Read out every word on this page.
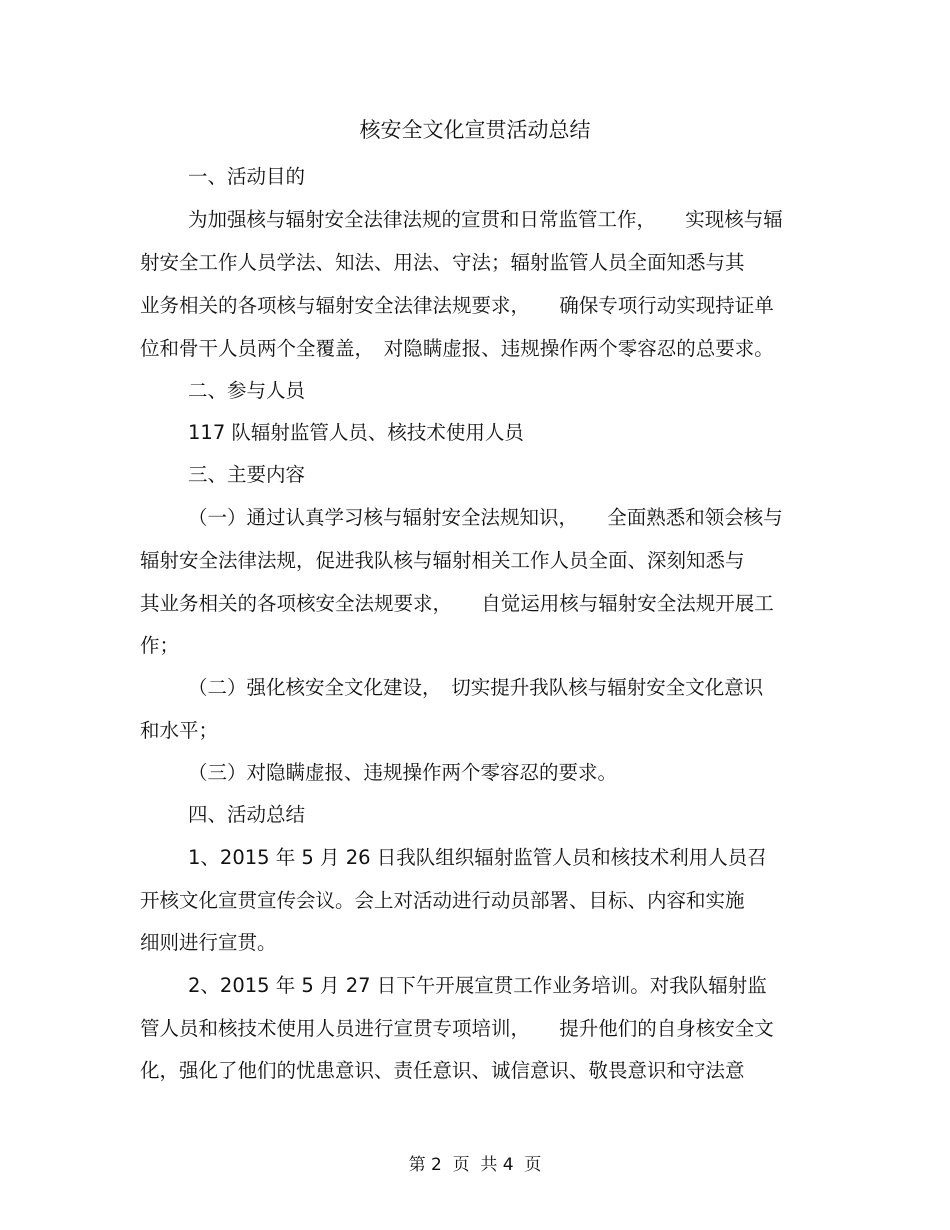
核安全文化宣贯活动总结
一、活动目的
为加强核与辐射安全法律法规的宣贯和日常监管工作，　　实现核与辐
射安全工作人员学法、知法、用法、守法；辐射监管人员全面知悉与其
业务相关的各项核与辐射安全法律法规要求，　　确保专项行动实现持证单
位和骨干人员两个全覆盖，　对隐瞒虚报、违规操作两个零容忍的总要求。
二、参与人员
117 队辐射监管人员、核技术使用人员
三、主要内容
（一）通过认真学习核与辐射安全法规知识，　　全面熟悉和领会核与
辐射安全法律法规，促进我队核与辐射相关工作人员全面、深刻知悉与
其业务相关的各项核安全法规要求，　　自觉运用核与辐射安全法规开展工
作；
（二）强化核安全文化建设，　切实提升我队核与辐射安全文化意识
和水平；
（三）对隐瞒虚报、违规操作两个零容忍的要求。
四、活动总结
1、2015 年 5 月 26 日我队组织辐射监管人员和核技术利用人员召
开核文化宣贯宣传会议。会上对活动进行动员部署、目标、内容和实施
细则进行宣贯。
2、2015 年 5 月 27 日下午开展宣贯工作业务培训。对我队辐射监
管人员和核技术使用人员进行宣贯专项培训，　　提升他们的自身核安全文
化，强化了他们的忧患意识、责任意识、诚信意识、敬畏意识和守法意
第 2  页  共 4  页
